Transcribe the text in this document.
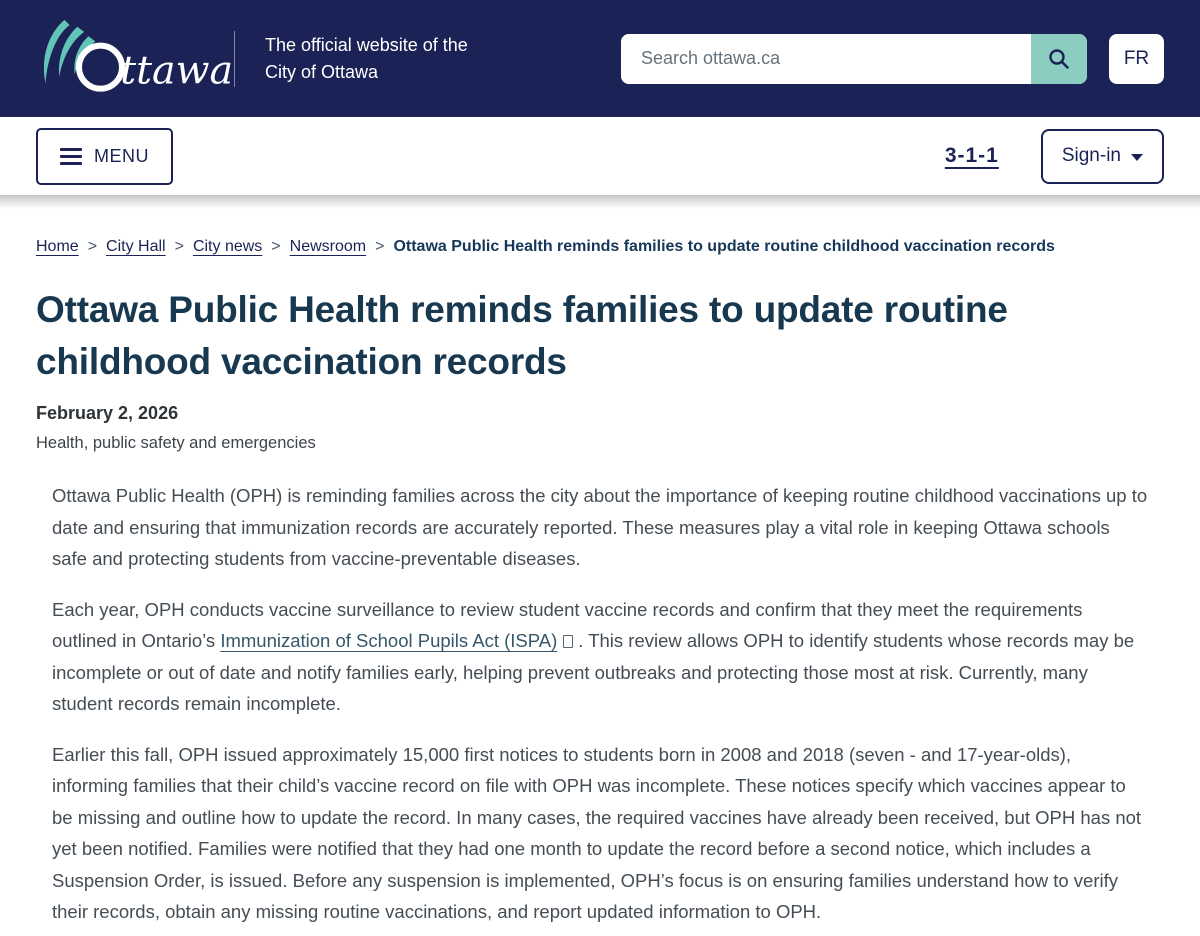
ttawa
The official website of the
City of Ottawa
Search ottawa.ca
FR
MENU	3-1-1	Sign-in
Home > City Hall > City news > Newsroom > Ottawa Public Health reminds families to update routine childhood vaccination records
Ottawa Public Health reminds families to update routine childhood vaccination records

February 2, 2026

Health, public safety and emergencies

Ottawa Public Health (OPH) is reminding families across the city about the importance of keeping routine childhood vaccinations up to date and ensuring that immunization records are accurately reported. These measures play a vital role in keeping Ottawa schools safe and protecting students from vaccine-preventable diseases.

Each year, OPH conducts vaccine surveillance to review student vaccine records and confirm that they meet the requirements outlined in Ontario’s Immunization of School Pupils Act (ISPA) . This review allows OPH to identify students whose records may be incomplete or out of date and notify families early, helping prevent outbreaks and protecting those most at risk. Currently, many student records remain incomplete.

Earlier this fall, OPH issued approximately 15,000 first notices to students born in 2008 and 2018 (seven - and 17-year-olds), informing families that their child’s vaccine record on file with OPH was incomplete. These notices specify which vaccines appear to be missing and outline how to update the record. In many cases, the required vaccines have already been received, but OPH has not yet been notified. Families were notified that they had one month to update the record before a second notice, which includes a Suspension Order, is issued. Before any suspension is implemented, OPH’s focus is on ensuring families understand how to verify their records, obtain any missing routine vaccinations, and report updated information to OPH.
